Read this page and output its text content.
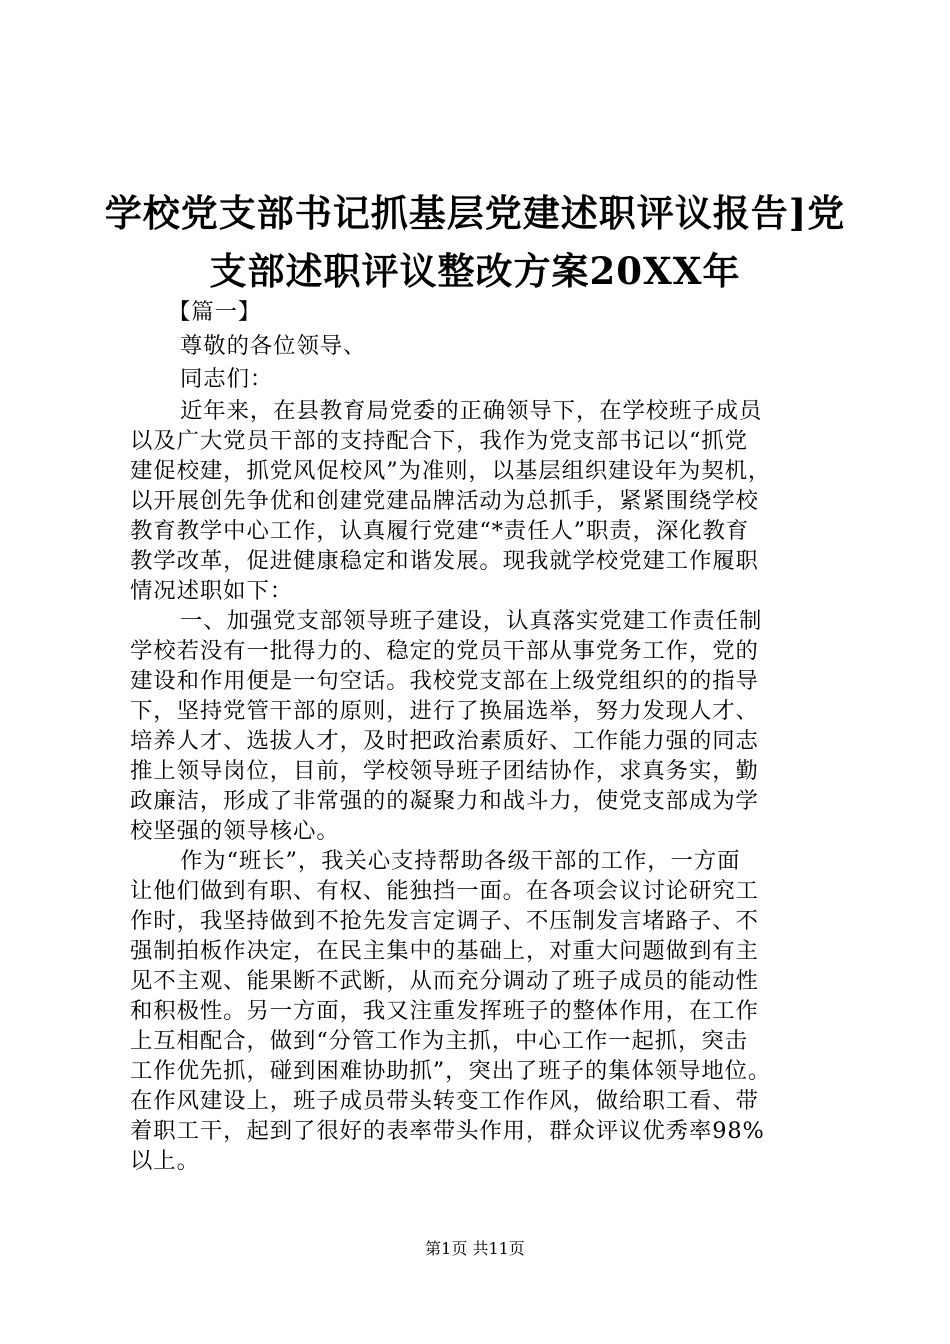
学校党支部书记抓基层党建述职评议报告]党
支部述职评议整改方案20XX年
【篇一】
尊敬的各位领导、
同志们：
近年来，在县教育局党委的正确领导下，在学校班子成员
以及广大党员干部的支持配合下，我作为党支部书记以“抓党
建促校建，抓党风促校风”为准则，以基层组织建设年为契机，
以开展创先争优和创建党建品牌活动为总抓手，紧紧围绕学校
教育教学中心工作，认真履行党建“*责任人”职责，深化教育
教学改革，促进健康稳定和谐发展。现我就学校党建工作履职
情况述职如下：
一、加强党支部领导班子建设，认真落实党建工作责任制
学校若没有一批得力的、稳定的党员干部从事党务工作，党的
建设和作用便是一句空话。我校党支部在上级党组织的的指导
下，坚持党管干部的原则，进行了换届选举，努力发现人才、
培养人才、选拔人才，及时把政治素质好、工作能力强的同志
推上领导岗位，目前，学校领导班子团结协作，求真务实，勤
政廉洁，形成了非常强的的凝聚力和战斗力，使党支部成为学
校坚强的领导核心。
作为“班长”，我关心支持帮助各级干部的工作，一方面
让他们做到有职、有权、能独挡一面。在各项会议讨论研究工
作时，我坚持做到不抢先发言定调子、不压制发言堵路子、不
强制拍板作决定，在民主集中的基础上，对重大问题做到有主
见不主观、能果断不武断，从而充分调动了班子成员的能动性
和积极性。另一方面，我又注重发挥班子的整体作用，在工作
上互相配合，做到“分管工作为主抓，中心工作一起抓，突击
工作优先抓，碰到困难协助抓”，突出了班子的集体领导地位。
在作风建设上，班子成员带头转变工作作风，做给职工看、带
着职工干，起到了很好的表率带头作用，群众评议优秀率98%
以上。
第1页 共11页
